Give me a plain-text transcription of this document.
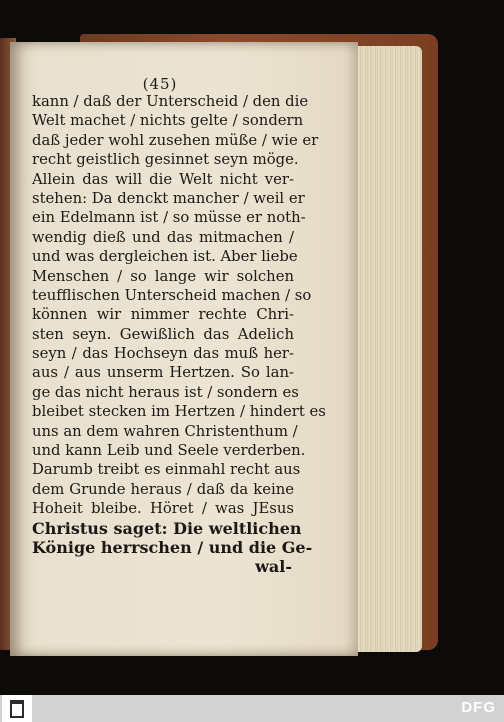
(45)
kann / daß der Unterscheid / den die
Welt machet / nichts gelte / sondern
daß jeder wohl zusehen müße / wie er
recht geistlich gesinnet seyn möge.
Allein das will die Welt nicht ver-
stehen: Da denckt mancher / weil er
ein Edelmann ist / so müsse er noth-
wendig dieß und das mitmachen /
und was dergleichen ist. Aber liebe
Menschen / so lange wir solchen
teufflischen Unterscheid machen / so
können wir nimmer rechte Chri-
sten seyn. Gewißlich das Adelich
seyn / das Hochseyn das muß her-
aus / aus unserm Hertzen. So lan-
ge das nicht heraus ist / sondern es
bleibet stecken im Hertzen / hindert es
uns an dem wahren Christenthum /
und kann Leib und Seele verderben.
Darumb treibt es einmahl recht aus
dem Grunde heraus / daß da keine
Hoheit bleibe. Höret / was JEsus
Christus saget: Die weltlichen
Könige herrschen / und die Ge-
wal-
DFG
